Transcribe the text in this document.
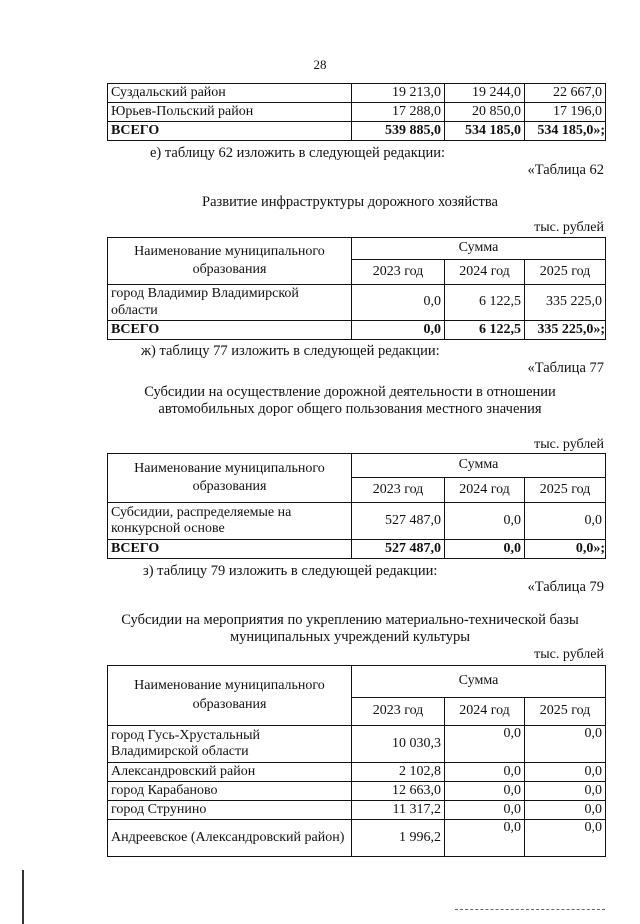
28
Суздальский район	19 213,0	19 244,0	22 667,0
Юрьев-Польский район	17 288,0	20 850,0	17 196,0
ВСЕГО	539 885,0	534 185,0	534 185,0»;
е) таблицу 62 изложить в следующей редакции:
«Таблица 62
Развитие инфраструктуры дорожного хозяйства
тыс. рублей
Наименование муниципального образования	Сумма		
	2023 год	2024 год	2025 год
город Владимир Владимирской области	0,0	6 122,5	335 225,0
ВСЕГО	0,0	6 122,5	335 225,0»;
ж) таблицу 77 изложить в следующей редакции:
«Таблица 77
Субсидии на осуществление дорожной деятельности в отношении
автомобильных дорог общего пользования местного значения
тыс. рублей
Наименование муниципального образования	Сумма		
	2023 год	2024 год	2025 год
Субсидии, распределяемые на конкурсной основе	527 487,0	0,0	0,0
ВСЕГО	527 487,0	0,0	0,0»;
з) таблицу 79 изложить в следующей редакции:
«Таблица 79
Субсидии на мероприятия по укреплению материально-технической базы
муниципальных учреждений культуры
тыс. рублей
Наименование муниципального образования	Сумма		
	2023 год	2024 год	2025 год
город Гусь-Хрустальный Владимирской области	10 030,3	0,0	0,0
Александровский район	2 102,8	0,0	0,0
город Карабаново	12 663,0	0,0	0,0
город Струнино	11 317,2	0,0	0,0
Андреевское (Александровский район)	1 996,2	0,0	0,0
